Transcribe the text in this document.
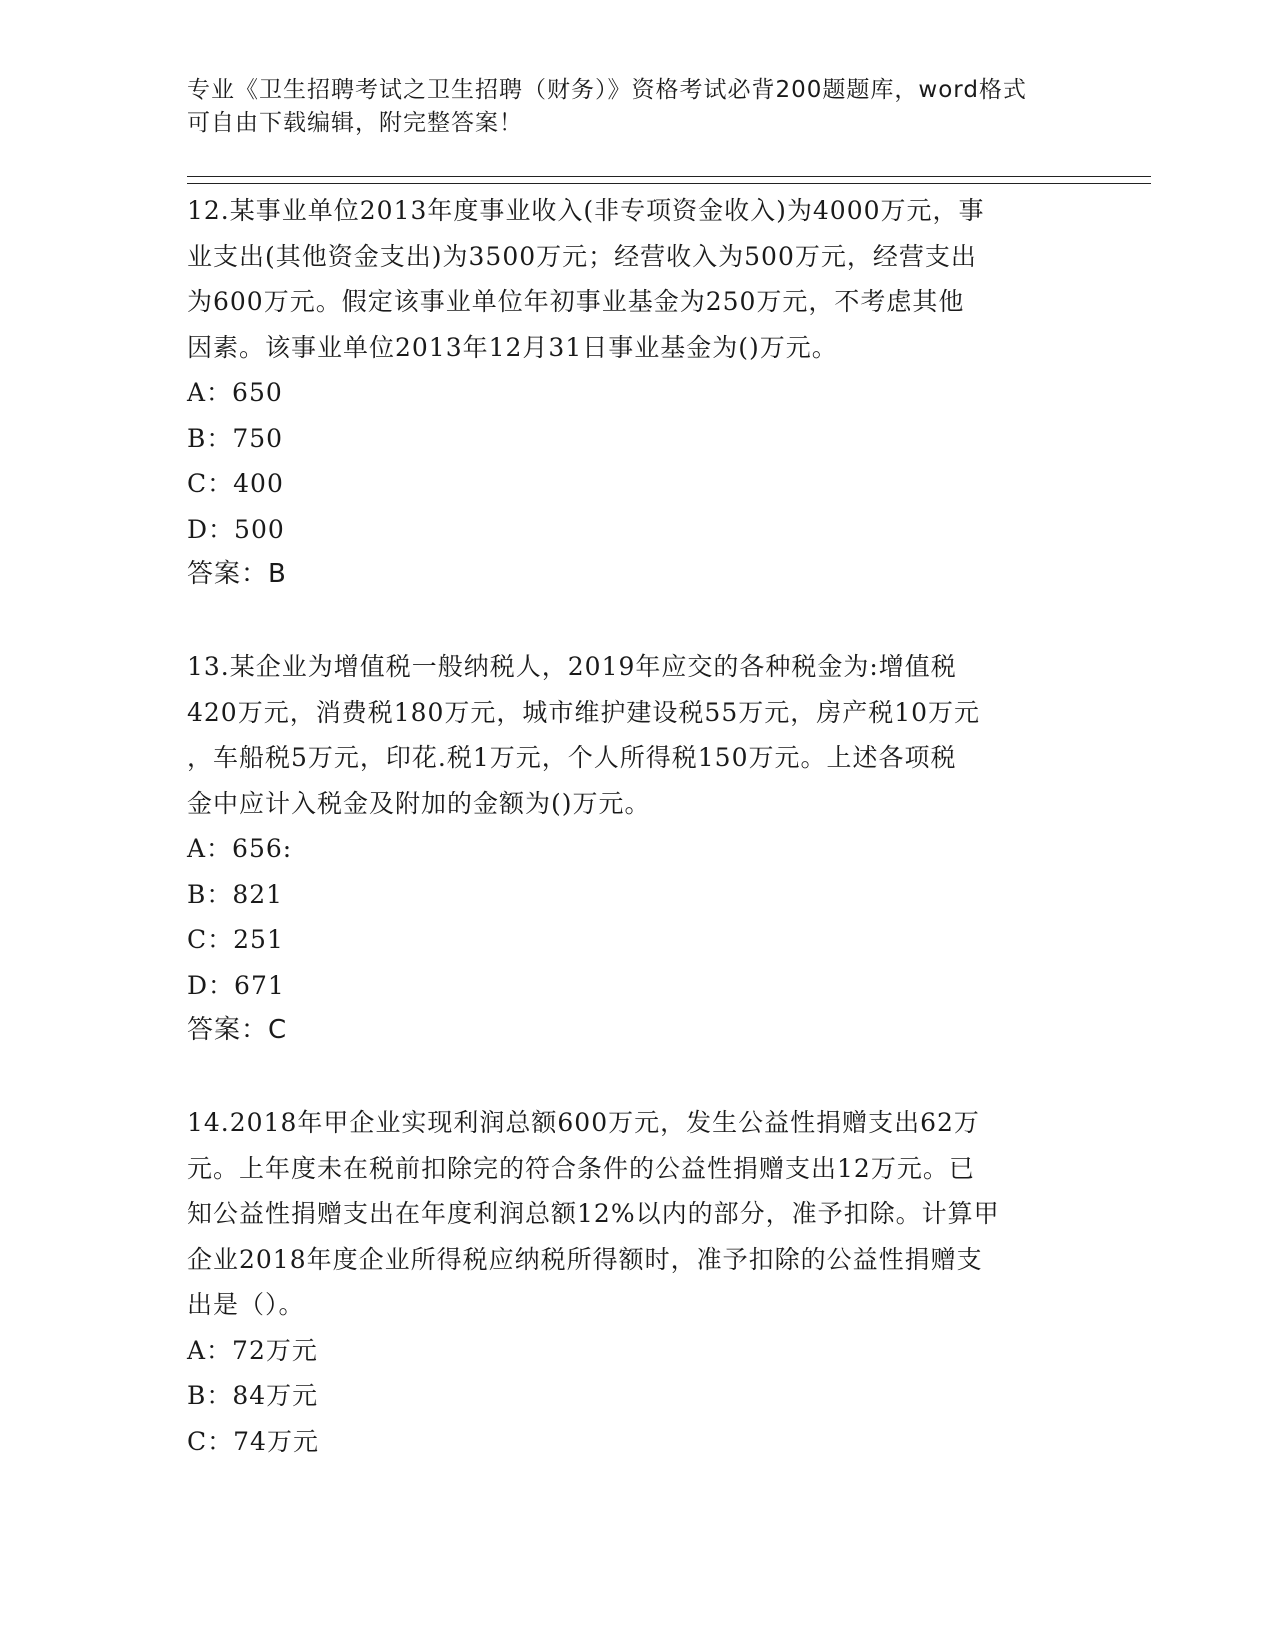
专业《卫生招聘考试之卫生招聘（财务）》资格考试必背200题题库，word格式
可自由下载编辑，附完整答案！
12.某事业单位2013年度事业收入(非专项资金收入)为4000万元，事
业支出(其他资金支出)为3500万元；经营收入为500万元，经营支出
为600万元。假定该事业单位年初事业基金为250万元，不考虑其他
因素。该事业单位2013年12月31日事业基金为()万元。
A：650
B：750
C：400
D：500
答案：B
13.某企业为增值税一般纳税人，2019年应交的各种税金为:增值税
420万元，消费税180万元，城市维护建设税55万元，房产税10万元
，车船税5万元，印花.税1万元，个人所得税150万元。上述各项税
金中应计入税金及附加的金额为()万元。
A：656:
B：821
C：251
D：671
答案：C
14.2018年甲企业实现利润总额600万元，发生公益性捐赠支出62万
元。上年度未在税前扣除完的符合条件的公益性捐赠支出12万元。已
知公益性捐赠支出在年度利润总额12%以内的部分，准予扣除。计算甲
企业2018年度企业所得税应纳税所得额时，准予扣除的公益性捐赠支
出是（）。
A：72万元
B：84万元
C：74万元
